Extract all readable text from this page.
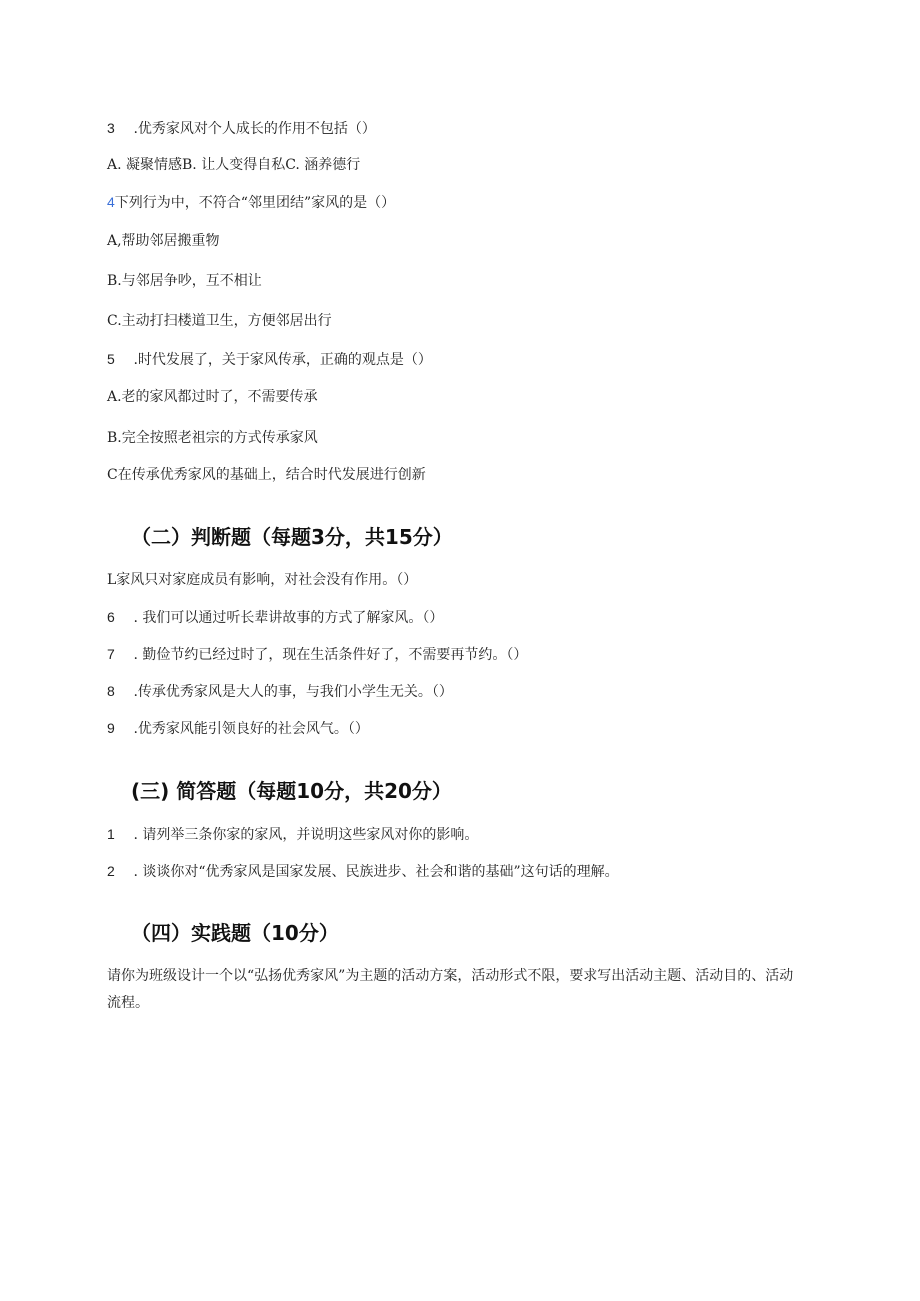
3 .优秀家风对个人成长的作用不包括（）
A. 凝聚情感B. 让人变得自私C. 涵养德行
4下列行为中，不符合“邻里团结”家风的是（）
A,帮助邻居搬重物
B.与邻居争吵，互不相让
C.主动打扫楼道卫生，方便邻居出行
5 .时代发展了，关于家风传承，正确的观点是（）
A.老的家风都过时了，不需要传承
B.完全按照老祖宗的方式传承家风
C在传承优秀家风的基础上，结合时代发展进行创新
（二）判断题（每题3分，共15分）
L家风只对家庭成员有影响，对社会没有作用。（）
6 . 我们可以通过听长辈讲故事的方式了解家风。（）
7 . 勤俭节约已经过时了，现在生活条件好了，不需要再节约。（）
8 .传承优秀家风是大人的事，与我们小学生无关。（）
9 .优秀家风能引领良好的社会风气。（）
(三) 简答题（每题10分，共20分）
1 . 请列举三条你家的家风，并说明这些家风对你的影响。
2 . 谈谈你对“优秀家风是国家发展、民族进步、社会和谐的基础”这句话的理解。
（四）实践题（10分）
请你为班级设计一个以“弘扬优秀家风”为主题的活动方案，活动形式不限，要求写出活动主题、活动目的、活动流程。
